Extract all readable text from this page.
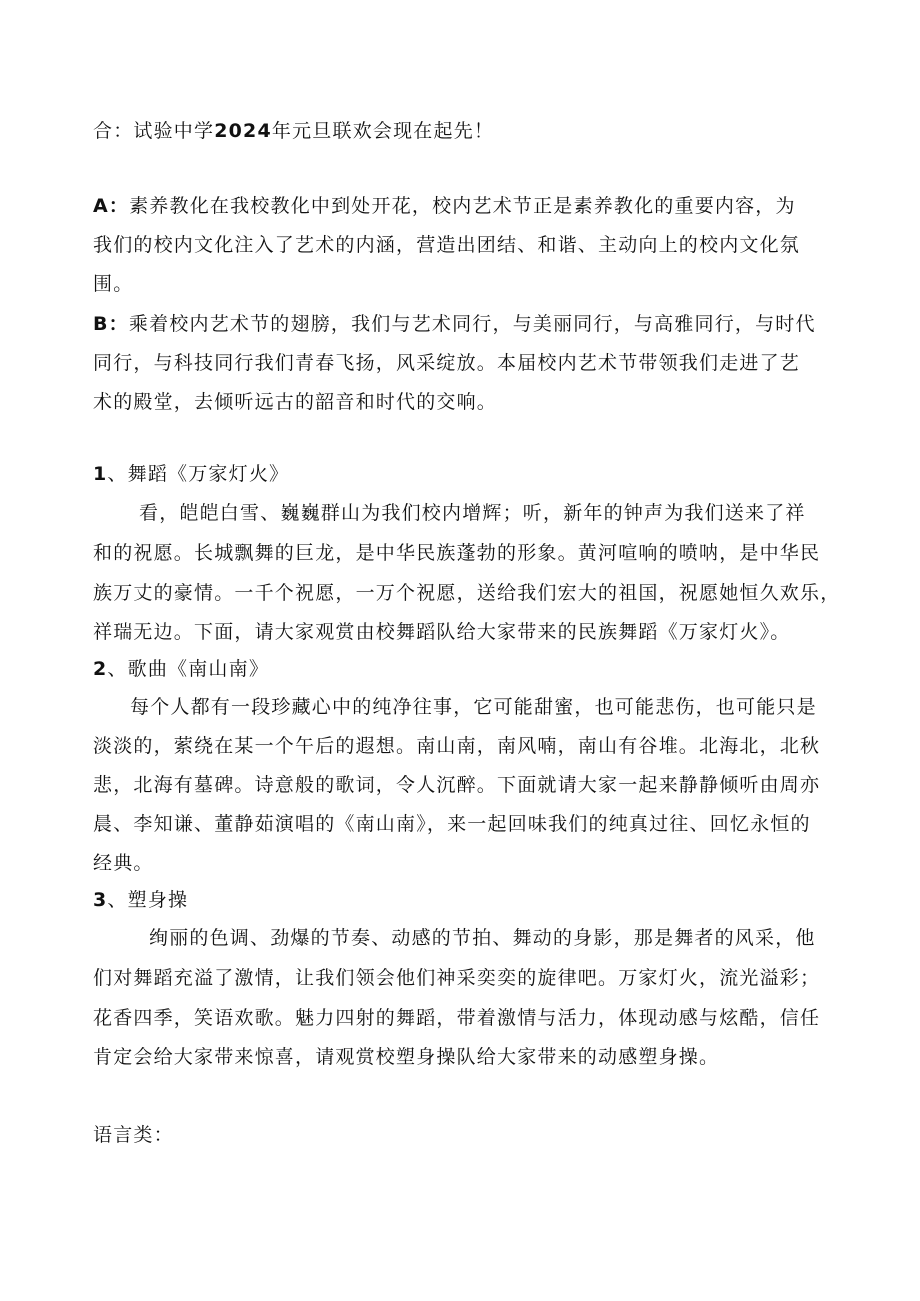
合：试验中学2024年元旦联欢会现在起先！
A：素养教化在我校教化中到处开花，校内艺术节正是素养教化的重要内容，为
我们的校内文化注入了艺术的内涵，营造出团结、和谐、主动向上的校内文化氛
围。
B：乘着校内艺术节的翅膀，我们与艺术同行，与美丽同行，与高雅同行，与时代
同行，与科技同行我们青春飞扬，风采绽放。本届校内艺术节带领我们走进了艺
术的殿堂，去倾听远古的韶音和时代的交响。
1、舞蹈《万家灯火》
看，皑皑白雪、巍巍群山为我们校内增辉；听，新年的钟声为我们送来了祥
和的祝愿。长城飘舞的巨龙，是中华民族蓬勃的形象。黄河喧响的喷呐，是中华民
族万丈的豪情。一千个祝愿，一万个祝愿，送给我们宏大的祖国，祝愿她恒久欢乐，
祥瑞无边。下面，请大家观赏由校舞蹈队给大家带来的民族舞蹈《万家灯火》。
2、歌曲《南山南》
每个人都有一段珍藏心中的纯净往事，它可能甜蜜，也可能悲伤，也可能只是
淡淡的，萦绕在某一个午后的遐想。南山南，南风喃，南山有谷堆。北海北，北秋
悲，北海有墓碑。诗意般的歌词，令人沉醉。下面就请大家一起来静静倾听由周亦
晨、李知谦、董静茹演唱的《南山南》，来一起回味我们的纯真过往、回忆永恒的
经典。
3、塑身操
绚丽的色调、劲爆的节奏、动感的节拍、舞动的身影，那是舞者的风采，他
们对舞蹈充溢了激情，让我们领会他们神采奕奕的旋律吧。万家灯火，流光溢彩；
花香四季，笑语欢歌。魅力四射的舞蹈，带着激情与活力，体现动感与炫酷，信任
肯定会给大家带来惊喜，请观赏校塑身操队给大家带来的动感塑身操。
语言类：
